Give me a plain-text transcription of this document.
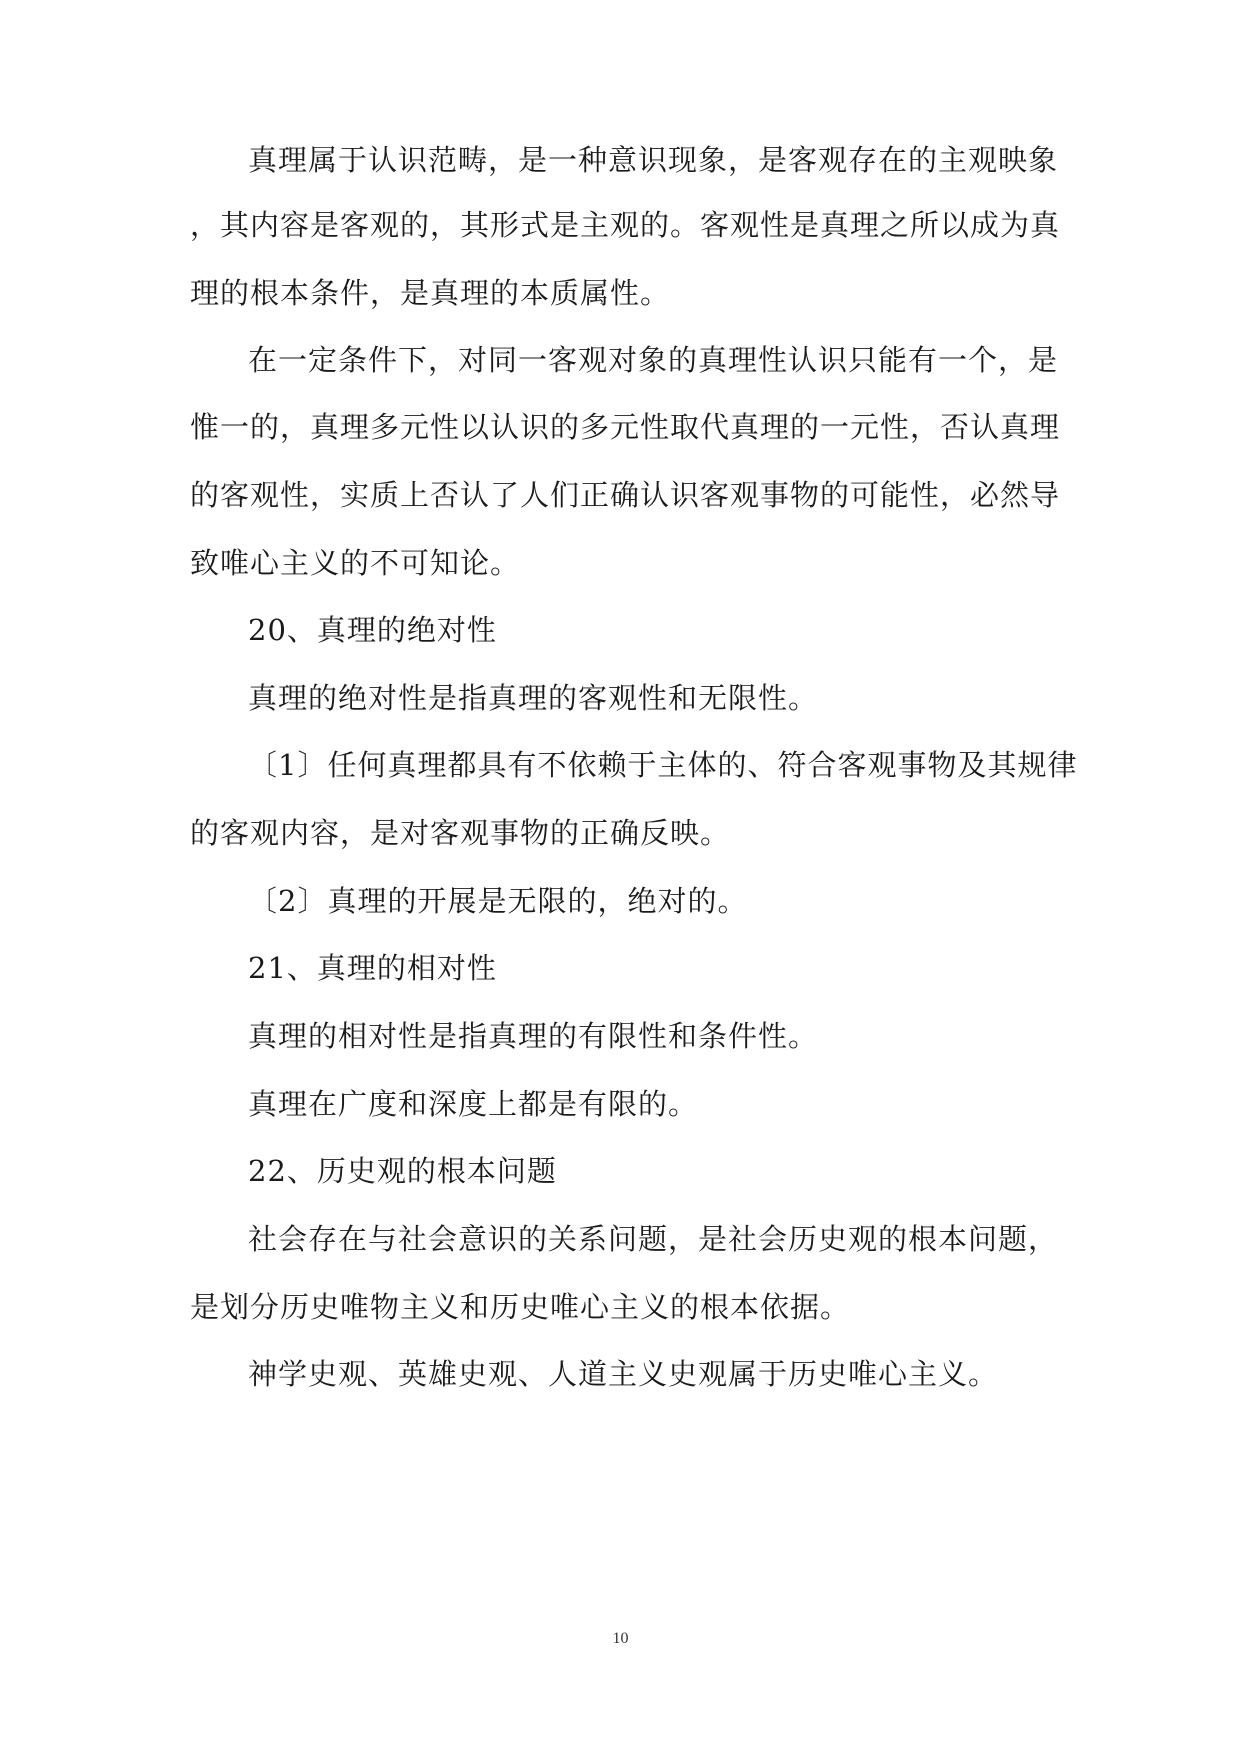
真理属于认识范畴，是一种意识现象，是客观存在的主观映象
，其内容是客观的，其形式是主观的。客观性是真理之所以成为真
理的根本条件，是真理的本质属性。
在一定条件下，对同一客观对象的真理性认识只能有一个，是
惟一的，真理多元性以认识的多元性取代真理的一元性，否认真理
的客观性，实质上否认了人们正确认识客观事物的可能性，必然导
致唯心主义的不可知论。
20、真理的绝对性
真理的绝对性是指真理的客观性和无限性。
〔1〕任何真理都具有不依赖于主体的、符合客观事物及其规律
的客观内容，是对客观事物的正确反映。
〔2〕真理的开展是无限的，绝对的。
21、真理的相对性
真理的相对性是指真理的有限性和条件性。
真理在广度和深度上都是有限的。
22、历史观的根本问题
社会存在与社会意识的关系问题，是社会历史观的根本问题，
是划分历史唯物主义和历史唯心主义的根本依据。
神学史观、英雄史观、人道主义史观属于历史唯心主义。
10
